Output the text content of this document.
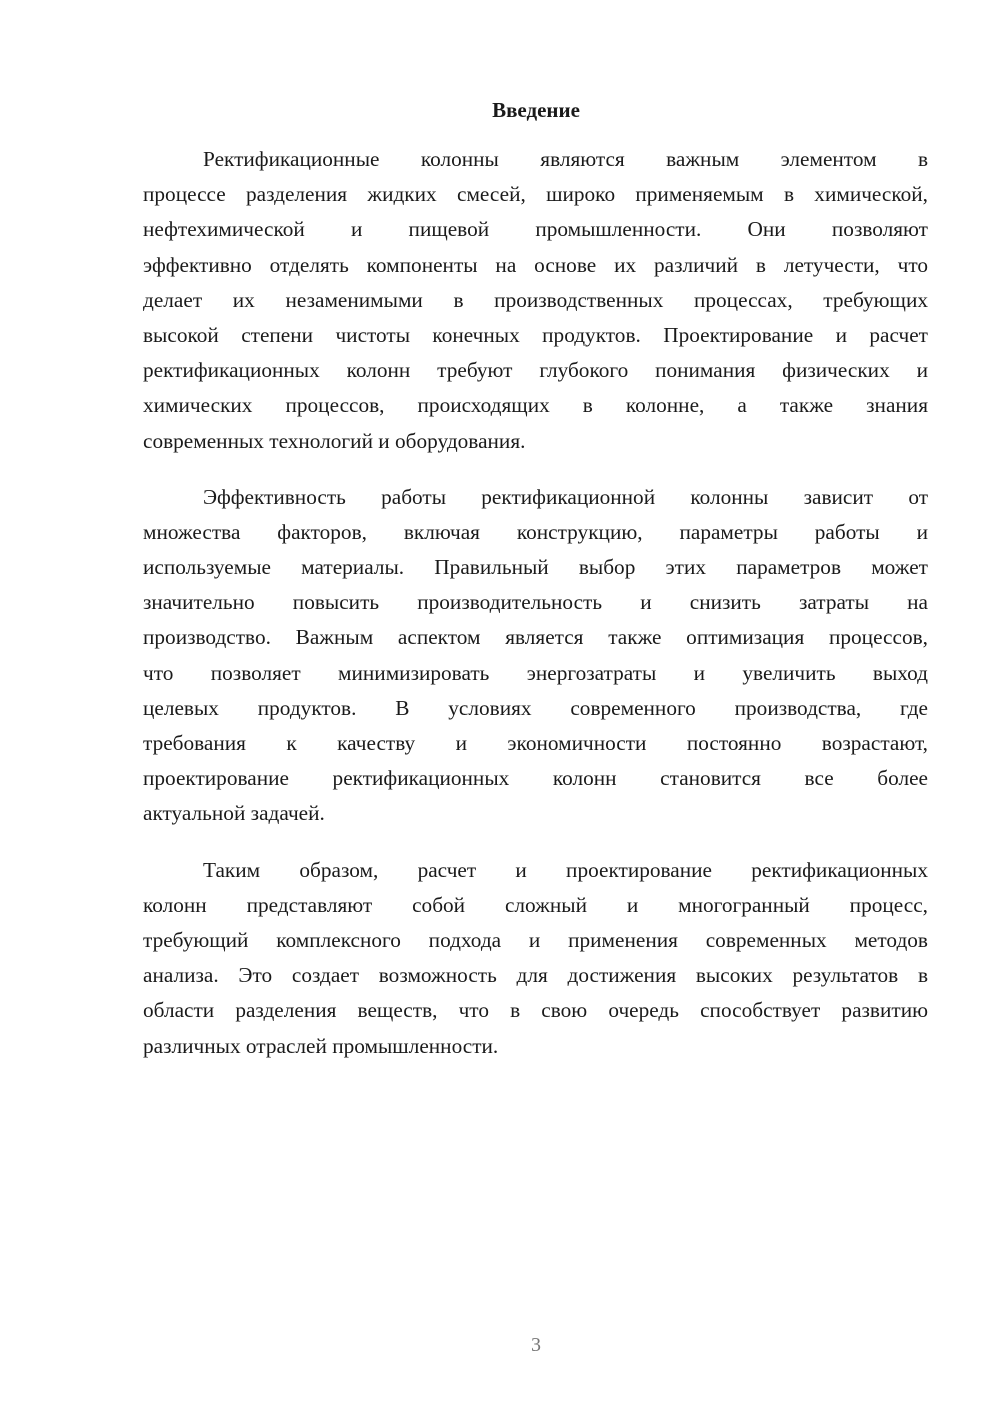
Введение
Ректификационные колонны являются важным элементом в
процессе разделения жидких смесей, широко применяемым в химической,
нефтехимической и пищевой промышленности. Они позволяют
эффективно отделять компоненты на основе их различий в летучести, что
делает их незаменимыми в производственных процессах, требующих
высокой степени чистоты конечных продуктов. Проектирование и расчет
ректификационных колонн требуют глубокого понимания физических и
химических процессов, происходящих в колонне, а также знания
современных технологий и оборудования.
Эффективность работы ректификационной колонны зависит от
множества факторов, включая конструкцию, параметры работы и
используемые материалы. Правильный выбор этих параметров может
значительно повысить производительность и снизить затраты на
производство. Важным аспектом является также оптимизация процессов,
что позволяет минимизировать энергозатраты и увеличить выход
целевых продуктов. В условиях современного производства, где
требования к качеству и экономичности постоянно возрастают,
проектирование ректификационных колонн становится все более
актуальной задачей.
Таким образом, расчет и проектирование ректификационных
колонн представляют собой сложный и многогранный процесс,
требующий комплексного подхода и применения современных методов
анализа. Это создает возможность для достижения высоких результатов в
области разделения веществ, что в свою очередь способствует развитию
различных отраслей промышленности.
3
